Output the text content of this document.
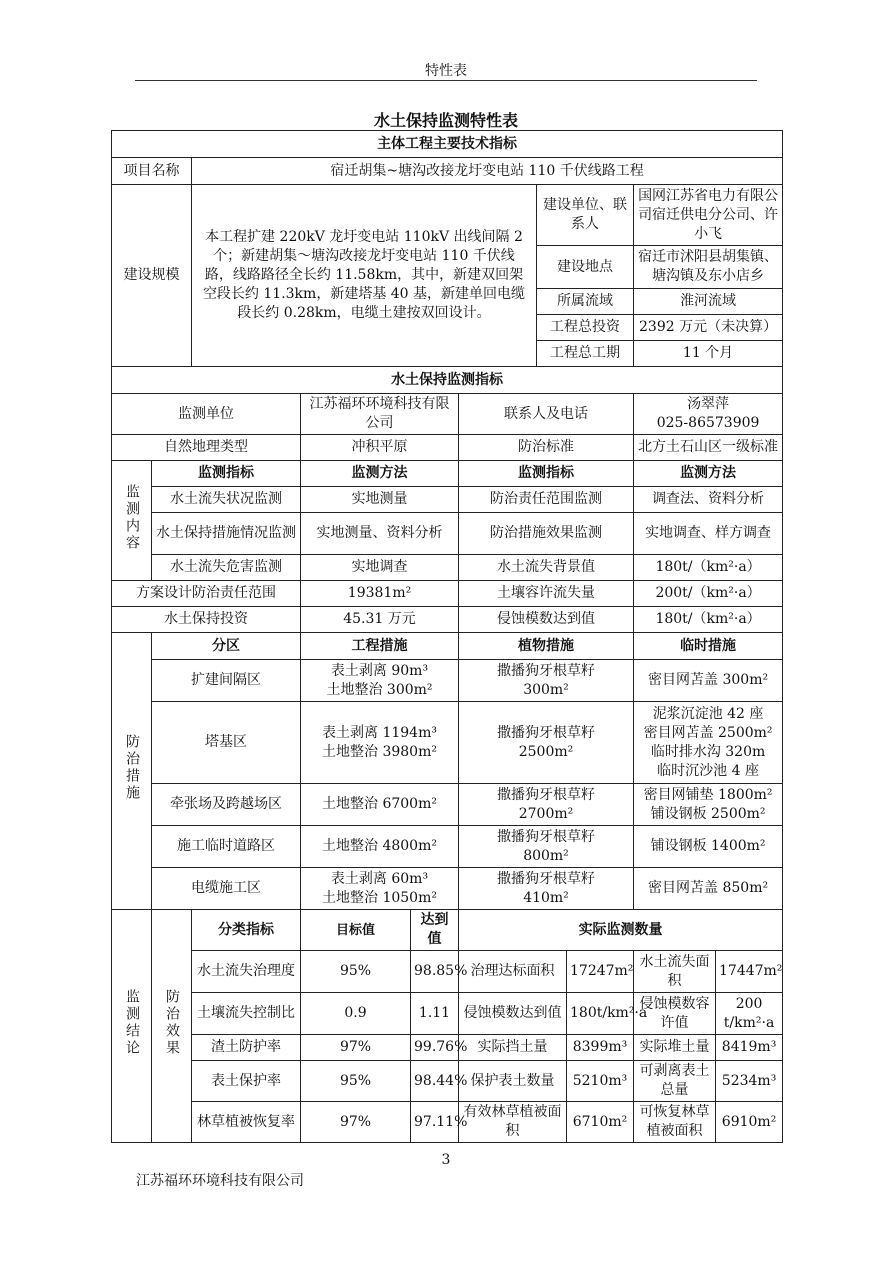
特性表
水土保持监测特性表
主体工程主要技术指标									
项目名称		宿迁胡集~塘沟改接龙圩变电站 110 千伏线路工程							
建设规模		本工程扩建 220kV 龙圩变电站 110kV 出线间隔 2 个；新建胡集～塘沟改接龙圩变电站 110 千伏线路，线路路径全长约 11.58km，其中，新建双回架空段长约 11.3km，新建塔基 40 基，新建单回电缆段长约 0.28km，电缆土建按双回设计。				建设单位、联系人		国网江苏省电力有限公司宿迁供电分公司、许小飞	
						建设地点		宿迁市沭阳县胡集镇、塘沟镇及东小店乡	
						所属流域		淮河流域	
						工程总投资		2392 万元（未决算）	
						工程总工期		11 个月	
水土保持监测指标									
监测单位			江苏福环环境科技有限公司		联系人及电话			汤翠萍
025-86573909	

自然地理类型			冲积平原		防治标准			北方土石山区一级标准	
监测内容	监测指标		监测方法		监测指标			监测方法	
	水土流失状况监测		实地测量		防治责任范围监测			调查法、资料分析	
	水土保持措施情况监测		实地测量、资料分析		防治措施效果监测			实地调查、样方调查	
	水土流失危害监测		实地调查		水土流失背景值			180t/（km²·a）	
方案设计防治责任范围			19381m²		土壤容许流失量			200t/（km²·a）	
水土保持投资			45.31 万元		侵蚀模数达到值			180t/（km²·a）	
防治措施	分区		工程措施		植物措施			临时措施	
	扩建间隔区		表土剥离 90m³
土地整治 300m²		撒播狗牙根草籽
300m²			密目网苫盖 300m²	

	塔基区		表土剥离 1194m³
土地整治 3980m²		撒播狗牙根草籽
2500m²			泥浆沉淀池 42 座
密目网苫盖 2500m²
临时排水沟 320m
临时沉沙池 4 座	

	牵张场及跨越场区		土地整治 6700m²		撒播狗牙根草籽
2700m²			密目网铺垫 1800m²
铺设钢板 2500m²	

	施工临时道路区		土地整治 4800m²		撒播狗牙根草籽
800m²			铺设钢板 1400m²	

	电缆施工区		表土剥离 60m³
土地整治 1050m²		撒播狗牙根草籽
410m²			密目网苫盖 850m²	

监测结论	防治效果	分类指标	目标值	达到值	实际监测数量				
		水土流失治理度	95%	98.85%	治理达标面积		17247m²	水土流失面积	17447m²
		土壤流失控制比	0.9	1.11	侵蚀模数达到值		180t/km²·a	侵蚀模数容许值	200 t/km²·a
		渣土防护率	97%	99.76%	实际挡土量		8399m³	实际堆土量	8419m³
		表土保护率	95%	98.44%	保护表土数量		5210m³	可剥离表土总量	5234m³
		林草植被恢复率	97%	97.11%	有效林草植被面积		6710m²	可恢复林草植被面积	6910m²
3
江苏福环环境科技有限公司
